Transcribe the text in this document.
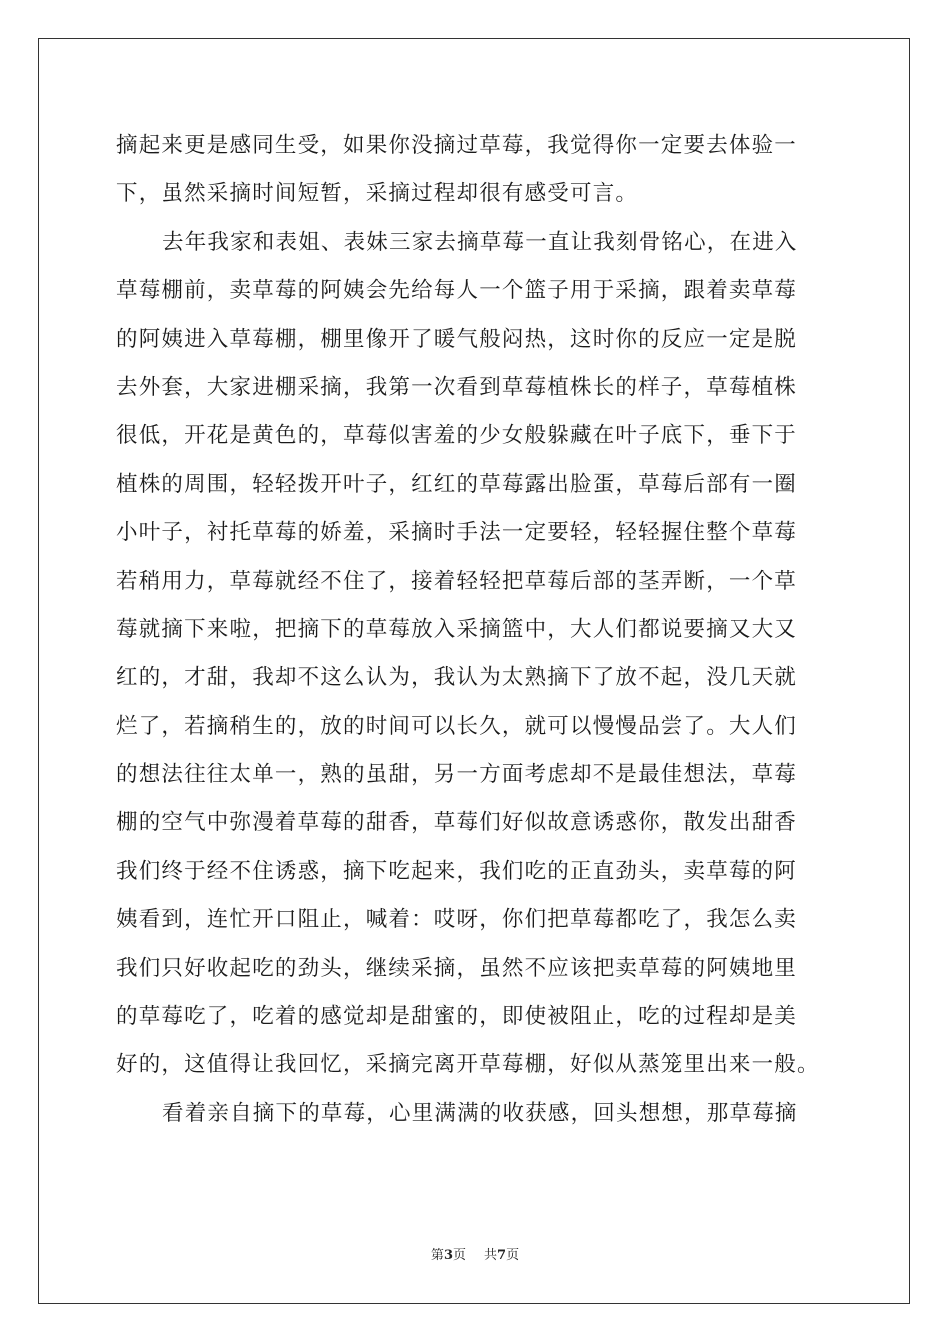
摘起来更是感同生受，如果你没摘过草莓，我觉得你一定要去体验一
下，虽然采摘时间短暂，采摘过程却很有感受可言。
去年我家和表姐、表妹三家去摘草莓一直让我刻骨铭心，在进入
草莓棚前，卖草莓的阿姨会先给每人一个篮子用于采摘，跟着卖草莓
的阿姨进入草莓棚，棚里像开了暖气般闷热，这时你的反应一定是脱
去外套，大家进棚采摘，我第一次看到草莓植株长的样子，草莓植株
很低，开花是黄色的，草莓似害羞的少女般躲藏在叶子底下，垂下于
植株的周围，轻轻拨开叶子，红红的草莓露出脸蛋，草莓后部有一圈
小叶子，衬托草莓的娇羞，采摘时手法一定要轻，轻轻握住整个草莓
若稍用力，草莓就经不住了，接着轻轻把草莓后部的茎弄断，一个草
莓就摘下来啦，把摘下的草莓放入采摘篮中，大人们都说要摘又大又
红的，才甜，我却不这么认为，我认为太熟摘下了放不起，没几天就
烂了，若摘稍生的，放的时间可以长久，就可以慢慢品尝了。大人们
的想法往往太单一，熟的虽甜，另一方面考虑却不是最佳想法，草莓
棚的空气中弥漫着草莓的甜香，草莓们好似故意诱惑你，散发出甜香
我们终于经不住诱惑，摘下吃起来，我们吃的正直劲头，卖草莓的阿
姨看到，连忙开口阻止，喊着：哎呀，你们把草莓都吃了，我怎么卖
我们只好收起吃的劲头，继续采摘，虽然不应该把卖草莓的阿姨地里
的草莓吃了，吃着的感觉却是甜蜜的，即使被阻止，吃的过程却是美
好的，这值得让我回忆，采摘完离开草莓棚，好似从蒸笼里出来一般。
看着亲自摘下的草莓，心里满满的收获感，回头想想，那草莓摘
第3页 共7页
